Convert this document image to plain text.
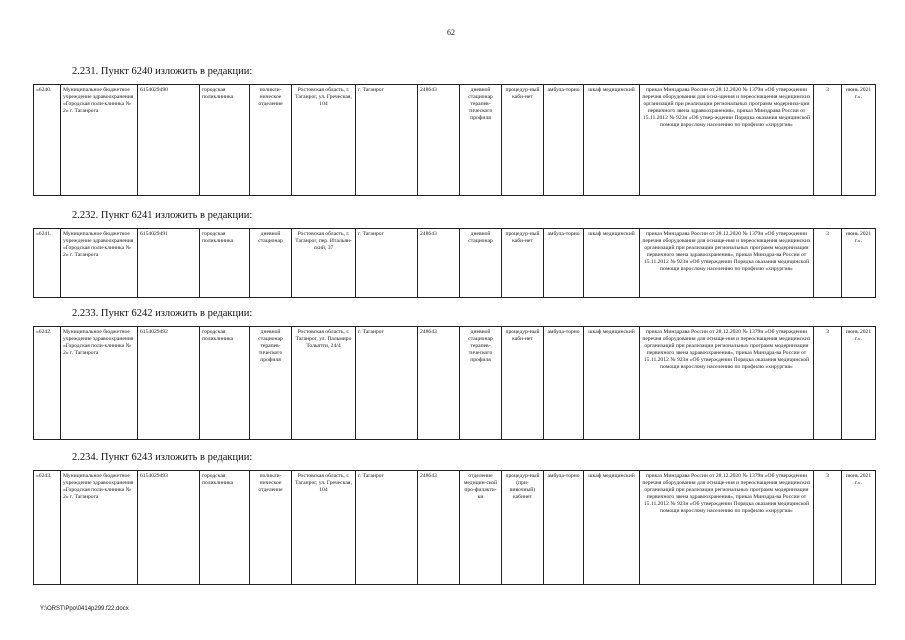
62
2.231. Пункт 6240 изложить в редакции:
«6240.	Муниципальное бюджетное учреждение здравоохранения «Городская поли-клиника № 2» г. Таганрога	6154029490	городская поликлиника	поликли-ническое отделение	Ростовская область, г. Таганрог, ул. Греческая, 104	г. Таганрог	248643	дневной стационар терапев-тического профиля	процедур-ный каби-нет	амбула-торно	шкаф медицинский	приказ Минздрава России от 28.12.2020 № 1379н «Об утверждении перечня оборудования для осна-щения и переоснащения медицинских организаций при реализации региональных программ модерниза-ции первичного звена здравоохранения», приказ Минздрава России от 15.11.2012 № 923н «Об утвер-ждении Порядка оказания медицинской помощи взрослому населению по профилю «хирургия»	3	июнь 2021 г.».
2.232. Пункт 6241 изложить в редакции:
«6241.	Муниципальное бюджетное учреждение здравоохранения «Городская поли-клиника № 2» г. Таганрога	6154029491	городская поликлиника	дневной стационар	Ростовская область, г. Таганрог, пер. Итальян-ский, 37	г. Таганрог	248643	дневной стационар	процедур-ный каби-нет	амбула-торно	шкаф медицинский	приказ Минздрава России от 28.12.2020 № 1379н «Об утверждении перечня оборудования для оснаще-ния и переоснащения медицинских организаций при реализации региональных программ модернизации первичного звена здравоохранения», приказ Минздра-ва России от 15.11.2012 № 923н «Об утверждении Порядка оказания медицинской помощи взрослому населению по профилю «хирургия»	3	июнь 2021 г.».
2.233. Пункт 6242 изложить в редакции:
«6242.	Муниципальное бюджетное учреждение здравоохранения «Городская поли-клиника № 2» г. Таганрога	6154029492	городская поликлиника	дневной стационар терапев-тического профиля	Ростовская область, г. Таганрог, ул. Пальмиро Тольятти, 24/4	г. Таганрог	248643	дневной стационар терапев-тического профиля	процедур-ный каби-нет	амбула-торно	шкаф медицинский	приказ Минздрава России от 28.12.2020 № 1379н «Об утверждении перечня оборудования для оснаще-ния и переоснащения медицинских организаций при реализации региональных программ модернизации первичного звена здравоохранения», приказ Минздра-ва России от 15.11.2012 № 923н «Об утверждении Порядка оказания медицинской помощи взрослому населению по профилю «хирургия»	3	июнь 2021 г.».
2.234. Пункт 6243 изложить в редакции:
«6243.	Муниципальное бюджетное учреждение здравоохранения «Городская поли-клиника № 2» г. Таганрога	6154029493	городская поликлиника	поликли-ническое отделение	Ростовская область, г. Таганрог, ул. Греческая, 104	г. Таганрог	248643	отделение медицин-ской про-филакти-ки	процедур-ный (при-вивочный) кабинет	амбула-торно	шкаф медицинский	приказ Минздрава России от 28.12.2020 № 1379н «Об утверждении перечня оборудования для оснаще-ния и переоснащения медицинских организаций при реализации региональных программ модернизации первичного звена здравоохранения», приказ Минздра-ва России от 15.11.2012 № 923н «Об утверждении Порядка оказания медицинской помощи взрослому населению по профилю «хирургия»	3	июнь 2021 г.».
Y:\ORST\Ppo\0414p299.f22.docx
